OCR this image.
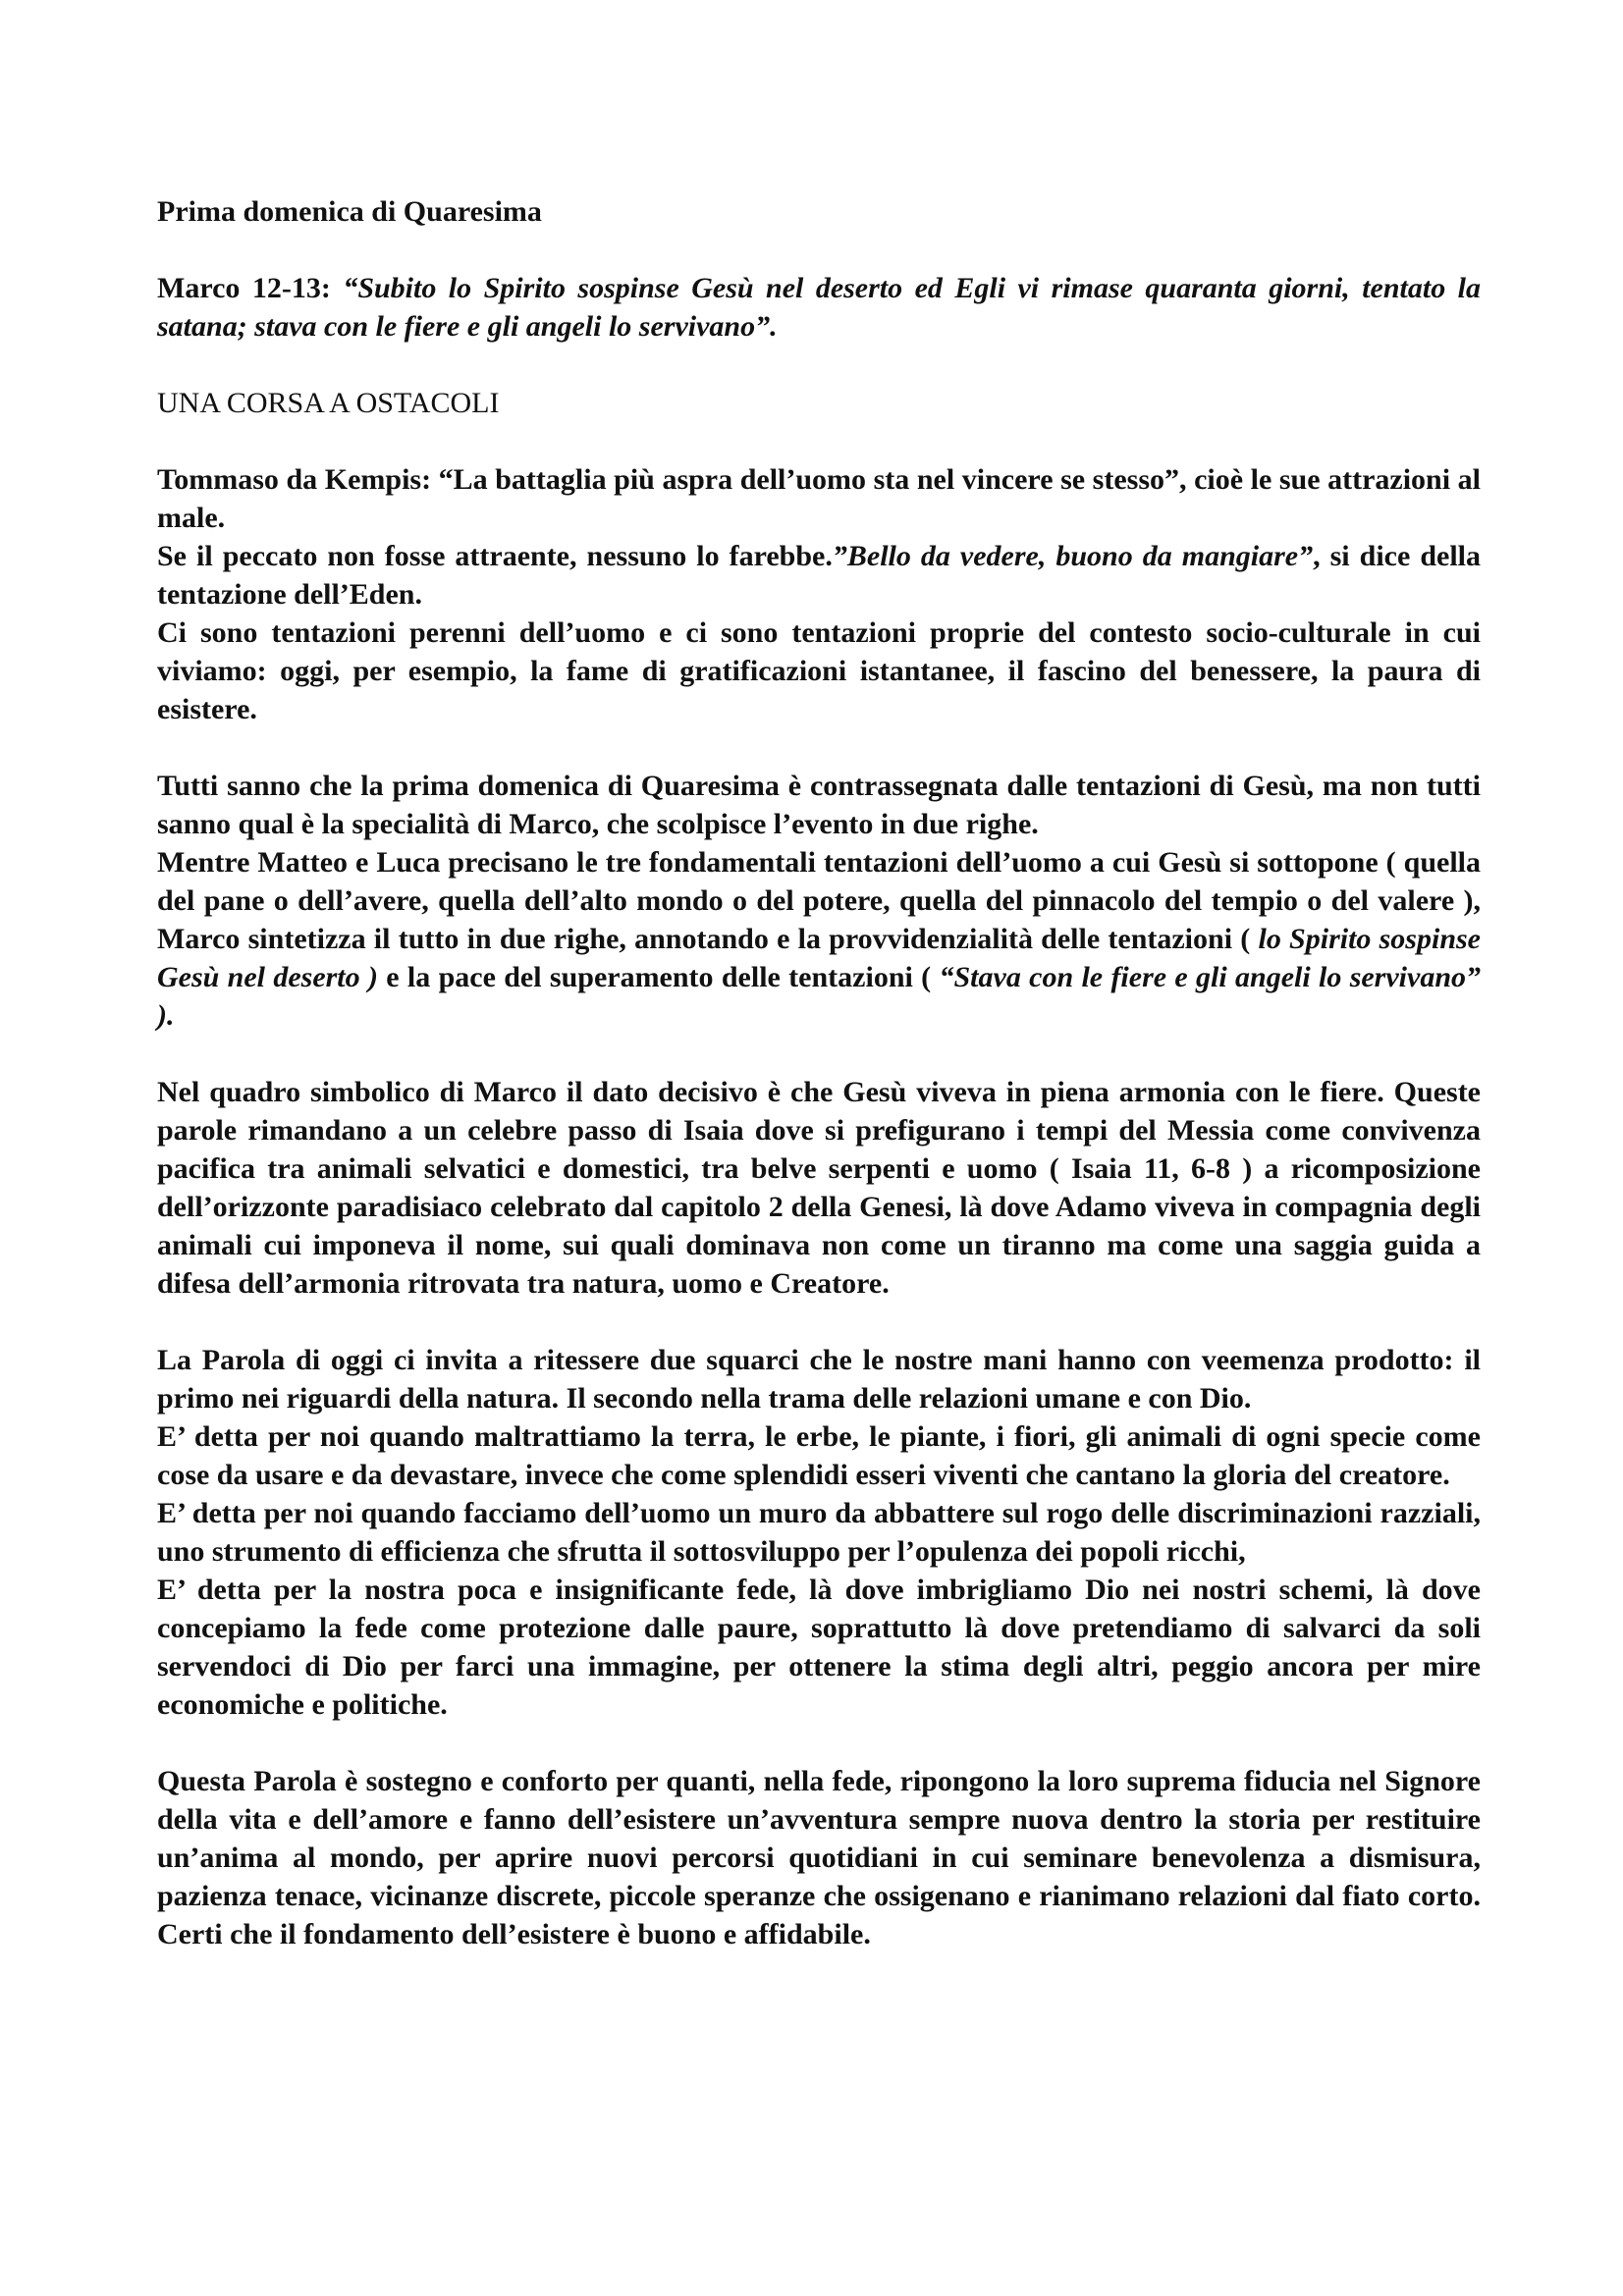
Prima domenica di Quaresima

Marco 12-13: “Subito lo Spirito sospinse Gesù nel deserto ed Egli vi rimase quaranta giorni, tentato la satana; stava con le fiere e gli angeli lo servivano”.

UNA CORSA A OSTACOLI

Tommaso da Kempis: “La battaglia più aspra dell’uomo sta nel vincere se stesso”, cioè le sue attrazioni al male.

Se il peccato non fosse attraente, nessuno lo farebbe.”Bello da vedere, buono da mangiare”, si dice della tentazione dell’Eden.

Ci sono tentazioni perenni dell’uomo e ci sono tentazioni proprie del contesto socio-culturale in cui viviamo: oggi, per esempio, la fame di gratificazioni istantanee, il fascino del benessere, la paura di esistere.

Tutti sanno che la prima domenica di Quaresima è contrassegnata dalle tentazioni di Gesù, ma non tutti sanno qual è la specialità di Marco, che scolpisce l’evento in due righe.

Mentre Matteo e Luca precisano le tre fondamentali tentazioni dell’uomo a cui Gesù si sottopone ( quella del pane o dell’avere, quella dell’alto mondo o del potere, quella del pinnacolo del tempio o del valere ), Marco sintetizza il tutto in due righe, annotando e la provvidenzialità delle tentazioni ( lo Spirito sospinse Gesù nel deserto ) e la pace del superamento delle tentazioni ( “Stava con le fiere e gli angeli lo servivano” ).

Nel quadro simbolico di Marco il dato decisivo è che Gesù viveva in piena armonia con le fiere. Queste parole rimandano a un celebre passo di Isaia dove si prefigurano i tempi del Messia come convivenza pacifica tra animali selvatici e domestici, tra belve serpenti e uomo ( Isaia 11, 6-8 ) a ricomposizione dell’orizzonte paradisiaco celebrato dal capitolo 2 della Genesi, là dove Adamo viveva in compagnia degli animali cui imponeva il nome, sui quali dominava non come un tiranno ma come una saggia guida a difesa dell’armonia ritrovata tra natura, uomo e Creatore.

La Parola di oggi ci invita a ritessere due squarci che le nostre mani hanno con veemenza prodotto: il primo nei riguardi della natura. Il secondo nella trama delle relazioni umane e con Dio.

E’ detta per noi quando maltrattiamo la terra, le erbe, le piante, i fiori, gli animali di ogni specie come cose da usare e da devastare, invece che come splendidi esseri viventi che cantano la gloria del creatore.

E’ detta per noi quando facciamo dell’uomo un muro da abbattere sul rogo delle discriminazioni razziali, uno strumento di efficienza che sfrutta il sottosviluppo per l’opulenza dei popoli ricchi,

E’ detta per la nostra poca e insignificante fede, là dove imbrigliamo Dio nei nostri schemi, là dove concepiamo la fede come protezione dalle paure, soprattutto là dove pretendiamo di salvarci da soli servendoci di Dio per farci una immagine, per ottenere la stima degli altri, peggio ancora per mire economiche e politiche.

Questa Parola è sostegno e conforto per quanti, nella fede, ripongono la loro suprema fiducia nel Signore della vita e dell’amore e fanno dell’esistere un’avventura sempre nuova dentro la storia per restituire un’anima al mondo, per aprire nuovi percorsi quotidiani in cui seminare benevolenza a dismisura, pazienza tenace, vicinanze discrete, piccole speranze che ossigenano e rianimano relazioni dal fiato corto. Certi che il fondamento dell’esistere è buono e affidabile.
